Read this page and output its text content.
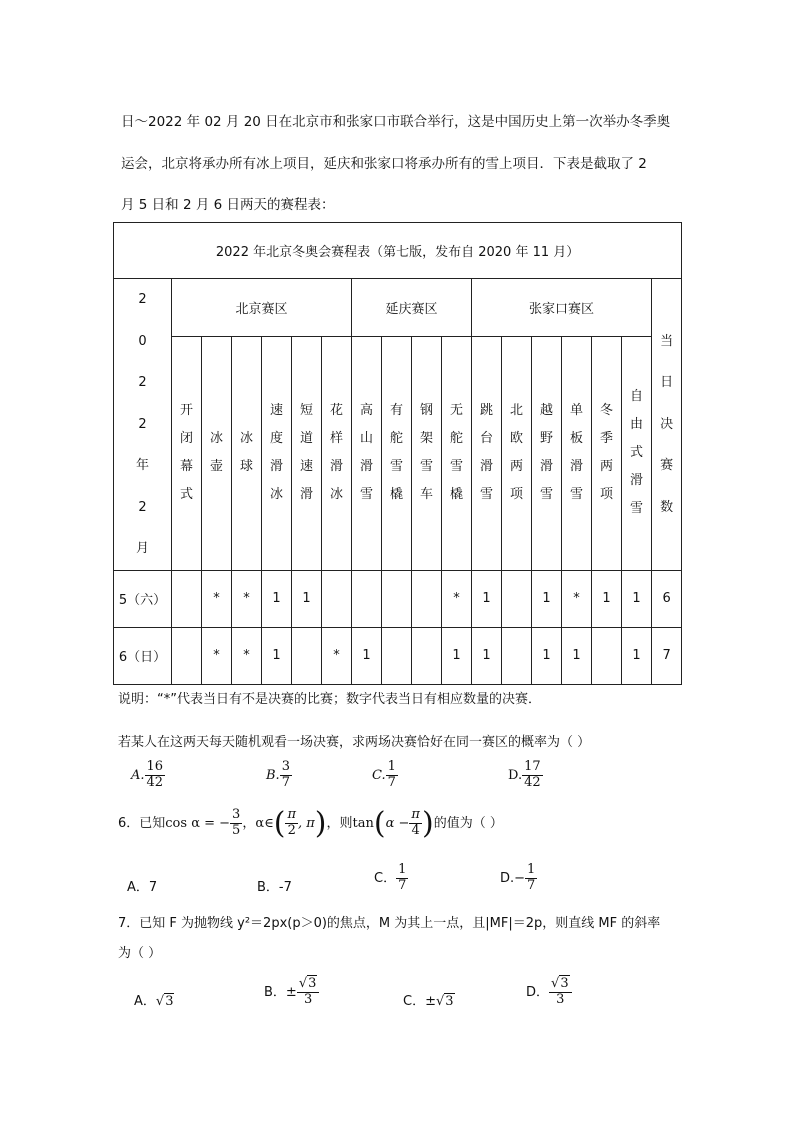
日～2022 年 02 月 20 日在北京市和张家口市联合举行，这是中国历史上第一次举办冬季奥
运会，北京将承办所有冰上项目，延庆和张家口将承办所有的雪上项目．下表是截取了 2
月 5 日和 2 月 6 日两天的赛程表：
2022 年北京冬奥会赛程表（第七版，发布自 2020 年 11 月）																	
2022年2月	北京赛区						延庆赛区				张家口赛区						当日决赛数
	开闭幕式	冰壶	冰球	速度滑冰	短道速滑	花样滑冰	高山滑雪	有舵雪橇	钢架雪车	无舵雪橇	跳台滑雪	北欧两项	越野滑雪	单板滑雪	冬季两项	自由式滑雪	
5（六）		*	*	1	1					*	1		1	*	1	1	6
6（日）		*	*	1		*	1			1	1		1	1		1	7
说明：“*”代表当日有不是决赛的比赛；数字代表当日有相应数量的决赛．
若某人在这两天每天随机观看一场决赛，求两场决赛恰好在同一赛区的概率为（ ）
A. $\frac{16}{42}$	B. $\frac{3}{7}$	C. $\frac{1}{7}$	D. $\frac{17}{42}$
6．已知cos α = − $\frac{3}{5}$ ，α∈( $\frac{\pi}{2}$ , π)，则$\tan(\alpha - \frac{\pi}{4}$ )的值为（ ）
A．7	B．-7
C． $\frac{1}{7}$	$D.- \frac{1}{7}$
7．已知 F 为抛物线 y²＝2px(p＞0)的焦点，M 为其上一点，且|MF|＝2p，则直线 MF 的斜率
为（ ）
A．√3
B．± $\frac{√3}{3}$	C．±√3
D． $\frac{√3}{3}$
